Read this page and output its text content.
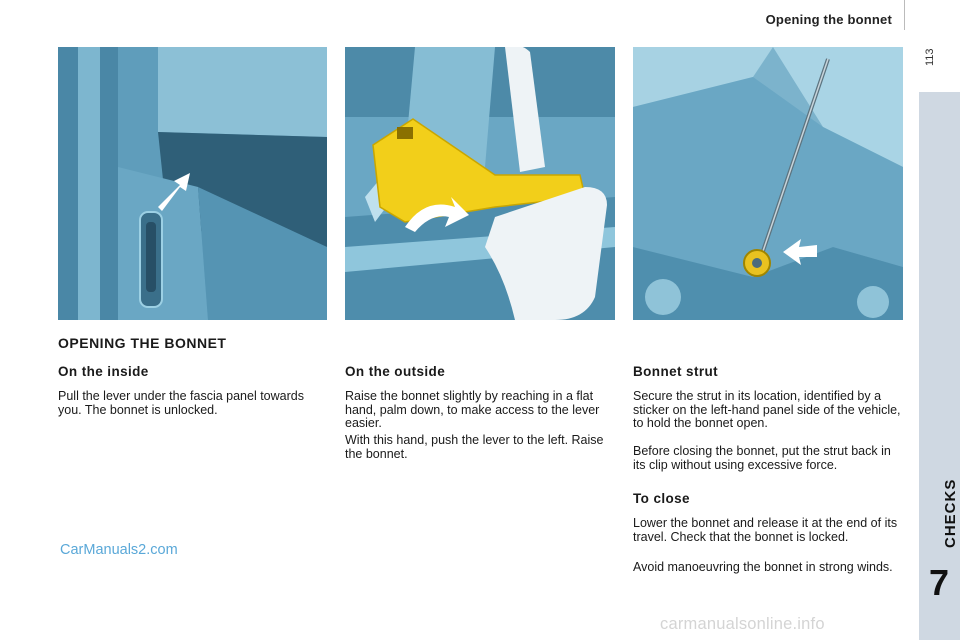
Opening the bonnet
113
CHECKS
7
OPENING THE BONNET
On the inside

Pull the lever under the fascia panel towards you. The bonnet is unlocked.

On the outside

Raise the bonnet slightly by reaching in a flat hand, palm down, to make access to the lever easier.

With this hand, push the lever to the left. Raise the bonnet.

Bonnet strut

Secure the strut in its location, identified by a sticker on the left-hand panel side of the vehicle, to hold the bonnet open.

Before closing the bonnet, put the strut back in its clip without using excessive force.

To close

Lower the bonnet and release it at the end of its travel. Check that the bonnet is locked.

Avoid manoeuvring the bonnet in strong winds.

CarManuals2.com
carmanualsonline.info
